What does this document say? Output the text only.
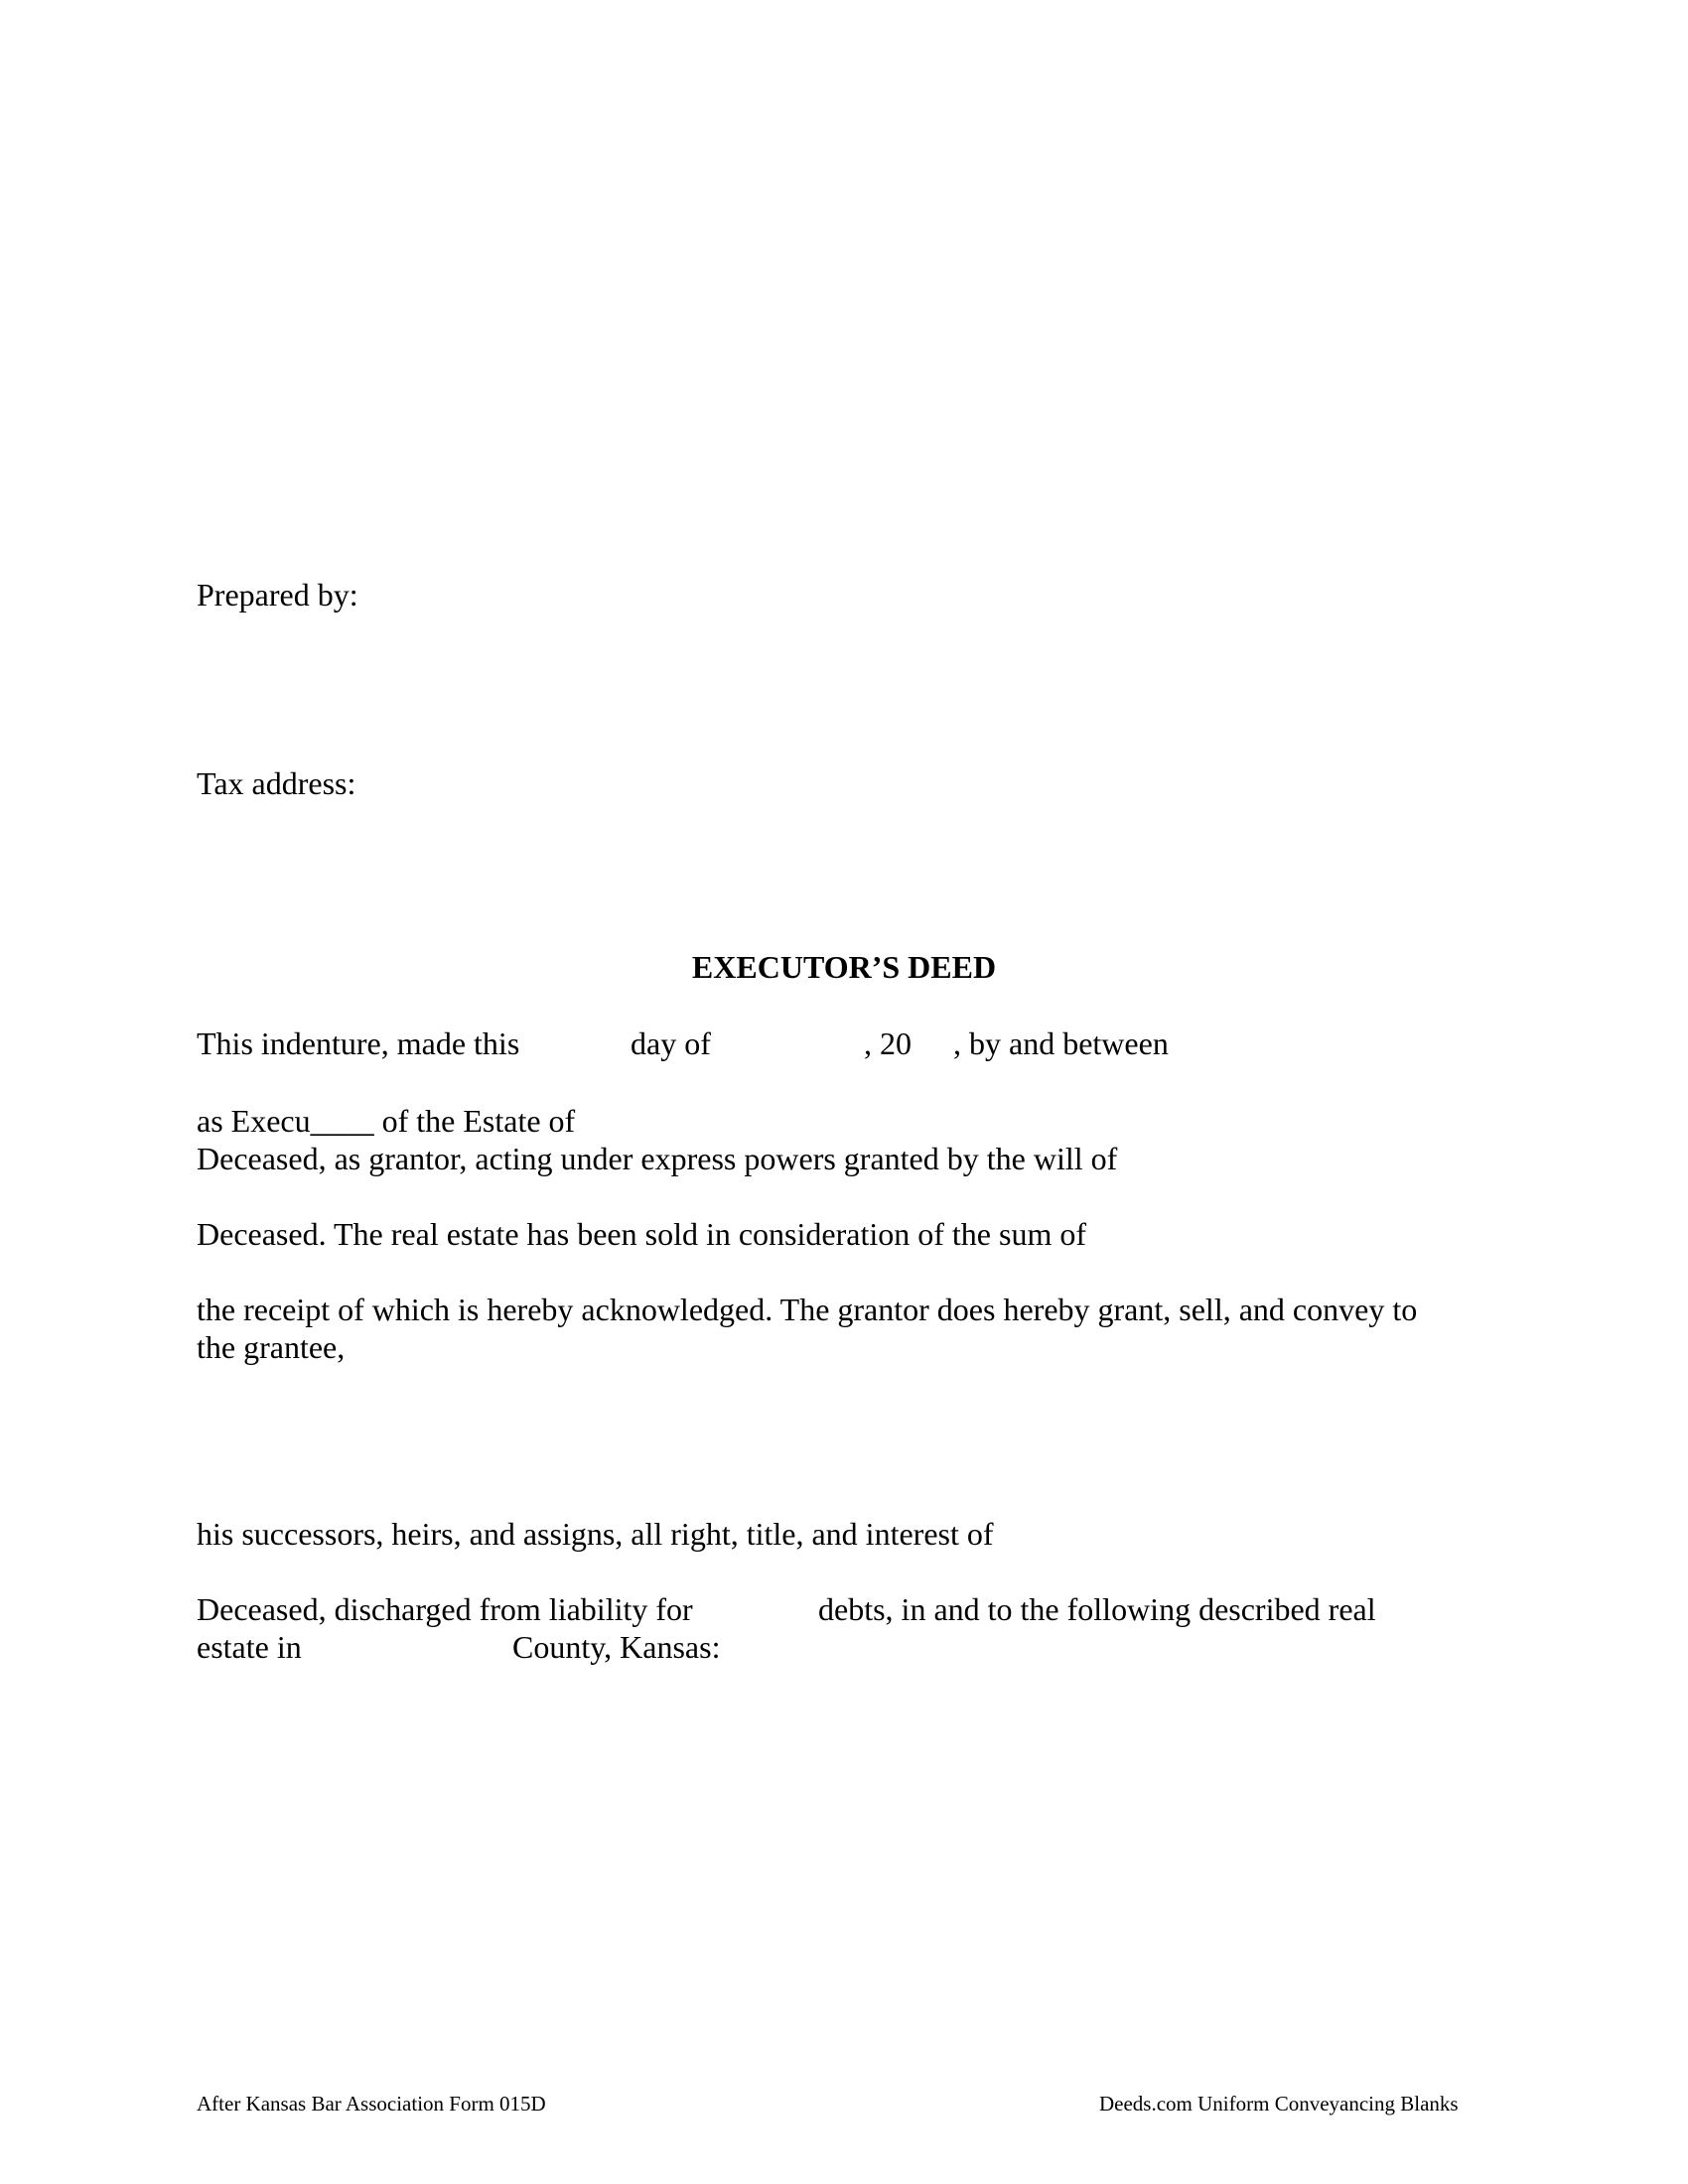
Prepared by:
Tax address:
EXECUTOR’S DEED
This indenture, made this	day of	, 20 , by and between
as Execu____ of the Estate of
Deceased, as grantor, acting under express powers granted by the will of
Deceased. The real estate has been sold in consideration of the sum of
the receipt of which is hereby acknowledged. The grantor does hereby grant, sell, and convey to
the grantee,
his successors, heirs, and assigns, all right, title, and interest of
Deceased, discharged from liability for	debts, in and to the following described real
estate in	County, Kansas:
After Kansas Bar Association Form 015D	Deeds.com Uniform Conveyancing Blanks
